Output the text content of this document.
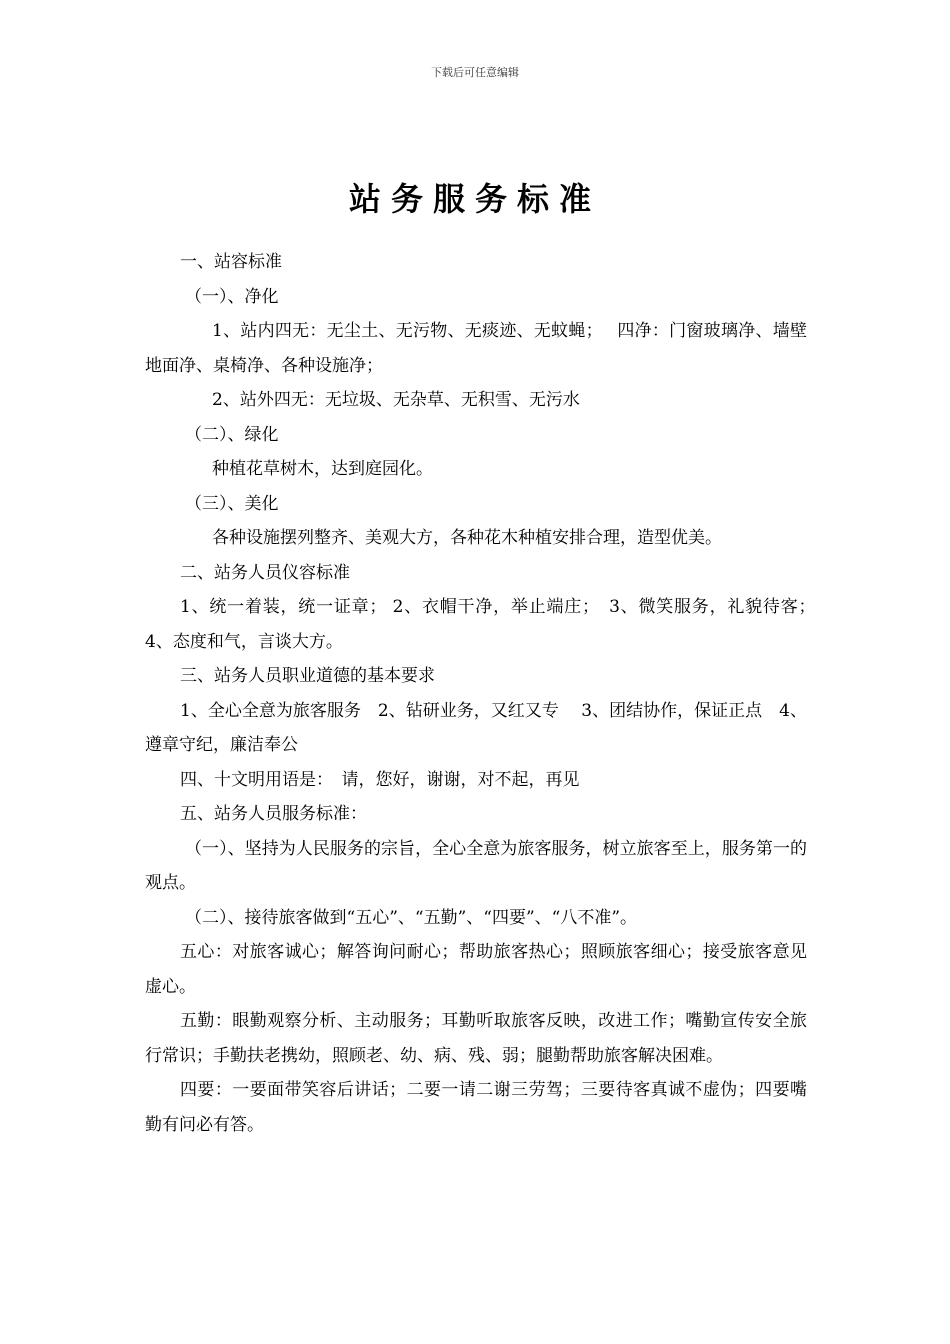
下载后可任意编辑
站务服务标准

一、站容标准

（一）、净化

1、站内四无：无尘土、无污物、无痰迹、无蚊蝇；　 四净：门窗玻璃净、墙壁地面净、桌椅净、各种设施净；

2、站外四无：无垃圾、无杂草、无积雪、无污水

（二）、绿化

种植花草树木，达到庭园化。

（三）、美化

各种设施摆列整齐、美观大方，各种花木种植安排合理，造型优美。

二、站务人员仪容标准

1、统一着装，统一证章； 2、衣帽干净，举止端庄；　3、微笑服务，礼貌待客；　4、态度和气，言谈大方。

三、站务人员职业道德的基本要求

1、全心全意为旅客服务　2、钻研业务，又红又专　 3、团结协作，保证正点　4、遵章守纪，廉洁奉公

四、十文明用语是：　请，您好，谢谢，对不起，再见

五、站务人员服务标准：

（一）、坚持为人民服务的宗旨，全心全意为旅客服务，树立旅客至上，服务第一的观点。

（二）、接待旅客做到“五心”、“五勤”、“四要”、“八不准”。

五心：对旅客诚心；解答询问耐心；帮助旅客热心；照顾旅客细心；接受旅客意见虚心。

五勤：眼勤观察分析、主动服务；耳勤听取旅客反映，改进工作；嘴勤宣传安全旅行常识；手勤扶老携幼，照顾老、幼、病、残、弱；腿勤帮助旅客解决困难。

四要：一要面带笑容后讲话；二要一请二谢三劳驾；三要待客真诚不虚伪；四要嘴勤有问必有答。
